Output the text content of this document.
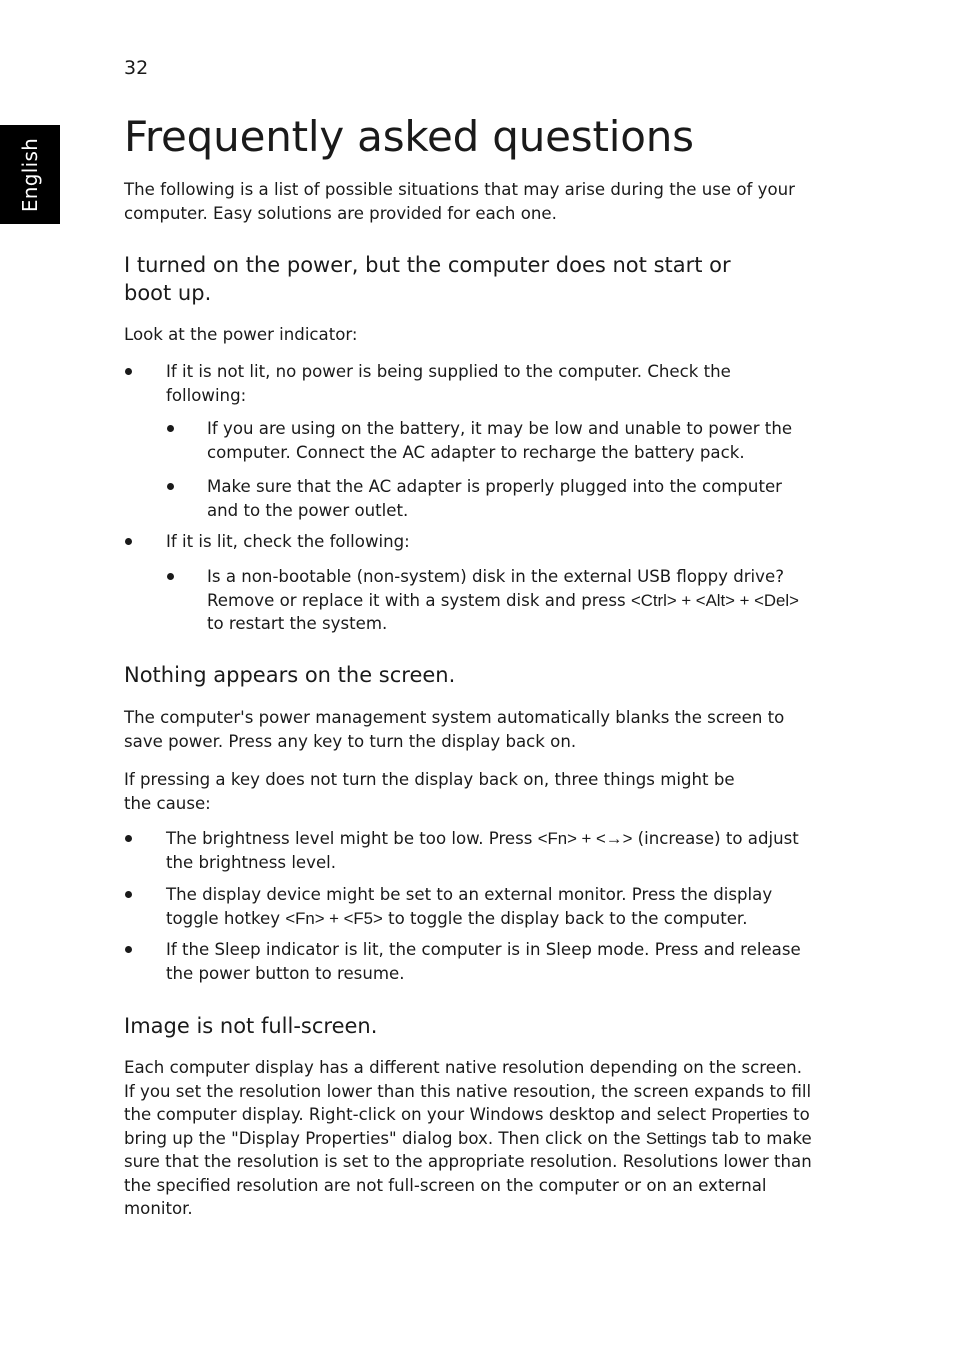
English
32
Frequently asked questions

The following is a list of possible situations that may arise during the use of your computer. Easy solutions are provided for each one.

I turned on the power, but the computer does not start or boot up.

Look at the power indicator:

If it is not lit, no power is being supplied to the computer. Check the following:
If you are using on the battery, it may be low and unable to power the computer. Connect the AC adapter to recharge the battery pack.
Make sure that the AC adapter is properly plugged into the computer and to the power outlet.
If it is lit, check the following:
Is a non-bootable (non-system) disk in the external USB floppy drive? Remove or replace it with a system disk and press <Ctrl> + <Alt> + <Del> to restart the system.
Nothing appears on the screen.

The computer's power management system automatically blanks the screen to save power. Press any key to turn the display back on.

If pressing a key does not turn the display back on, three things might be the cause:

The brightness level might be too low. Press <Fn> + <→> (increase) to adjust the brightness level.
The display device might be set to an external monitor. Press the display toggle hotkey <Fn> + <F5> to toggle the display back to the computer.
If the Sleep indicator is lit, the computer is in Sleep mode. Press and release the power button to resume.
Image is not full-screen.

Each computer display has a different native resolution depending on the screen. If you set the resolution lower than this native resoution, the screen expands to fill the computer display. Right-click on your Windows desktop and select Properties to bring up the "Display Properties" dialog box. Then click on the Settings tab to make sure that the resolution is set to the appropriate resolution. Resolutions lower than the specified resolution are not full-screen on the computer or on an external monitor.
